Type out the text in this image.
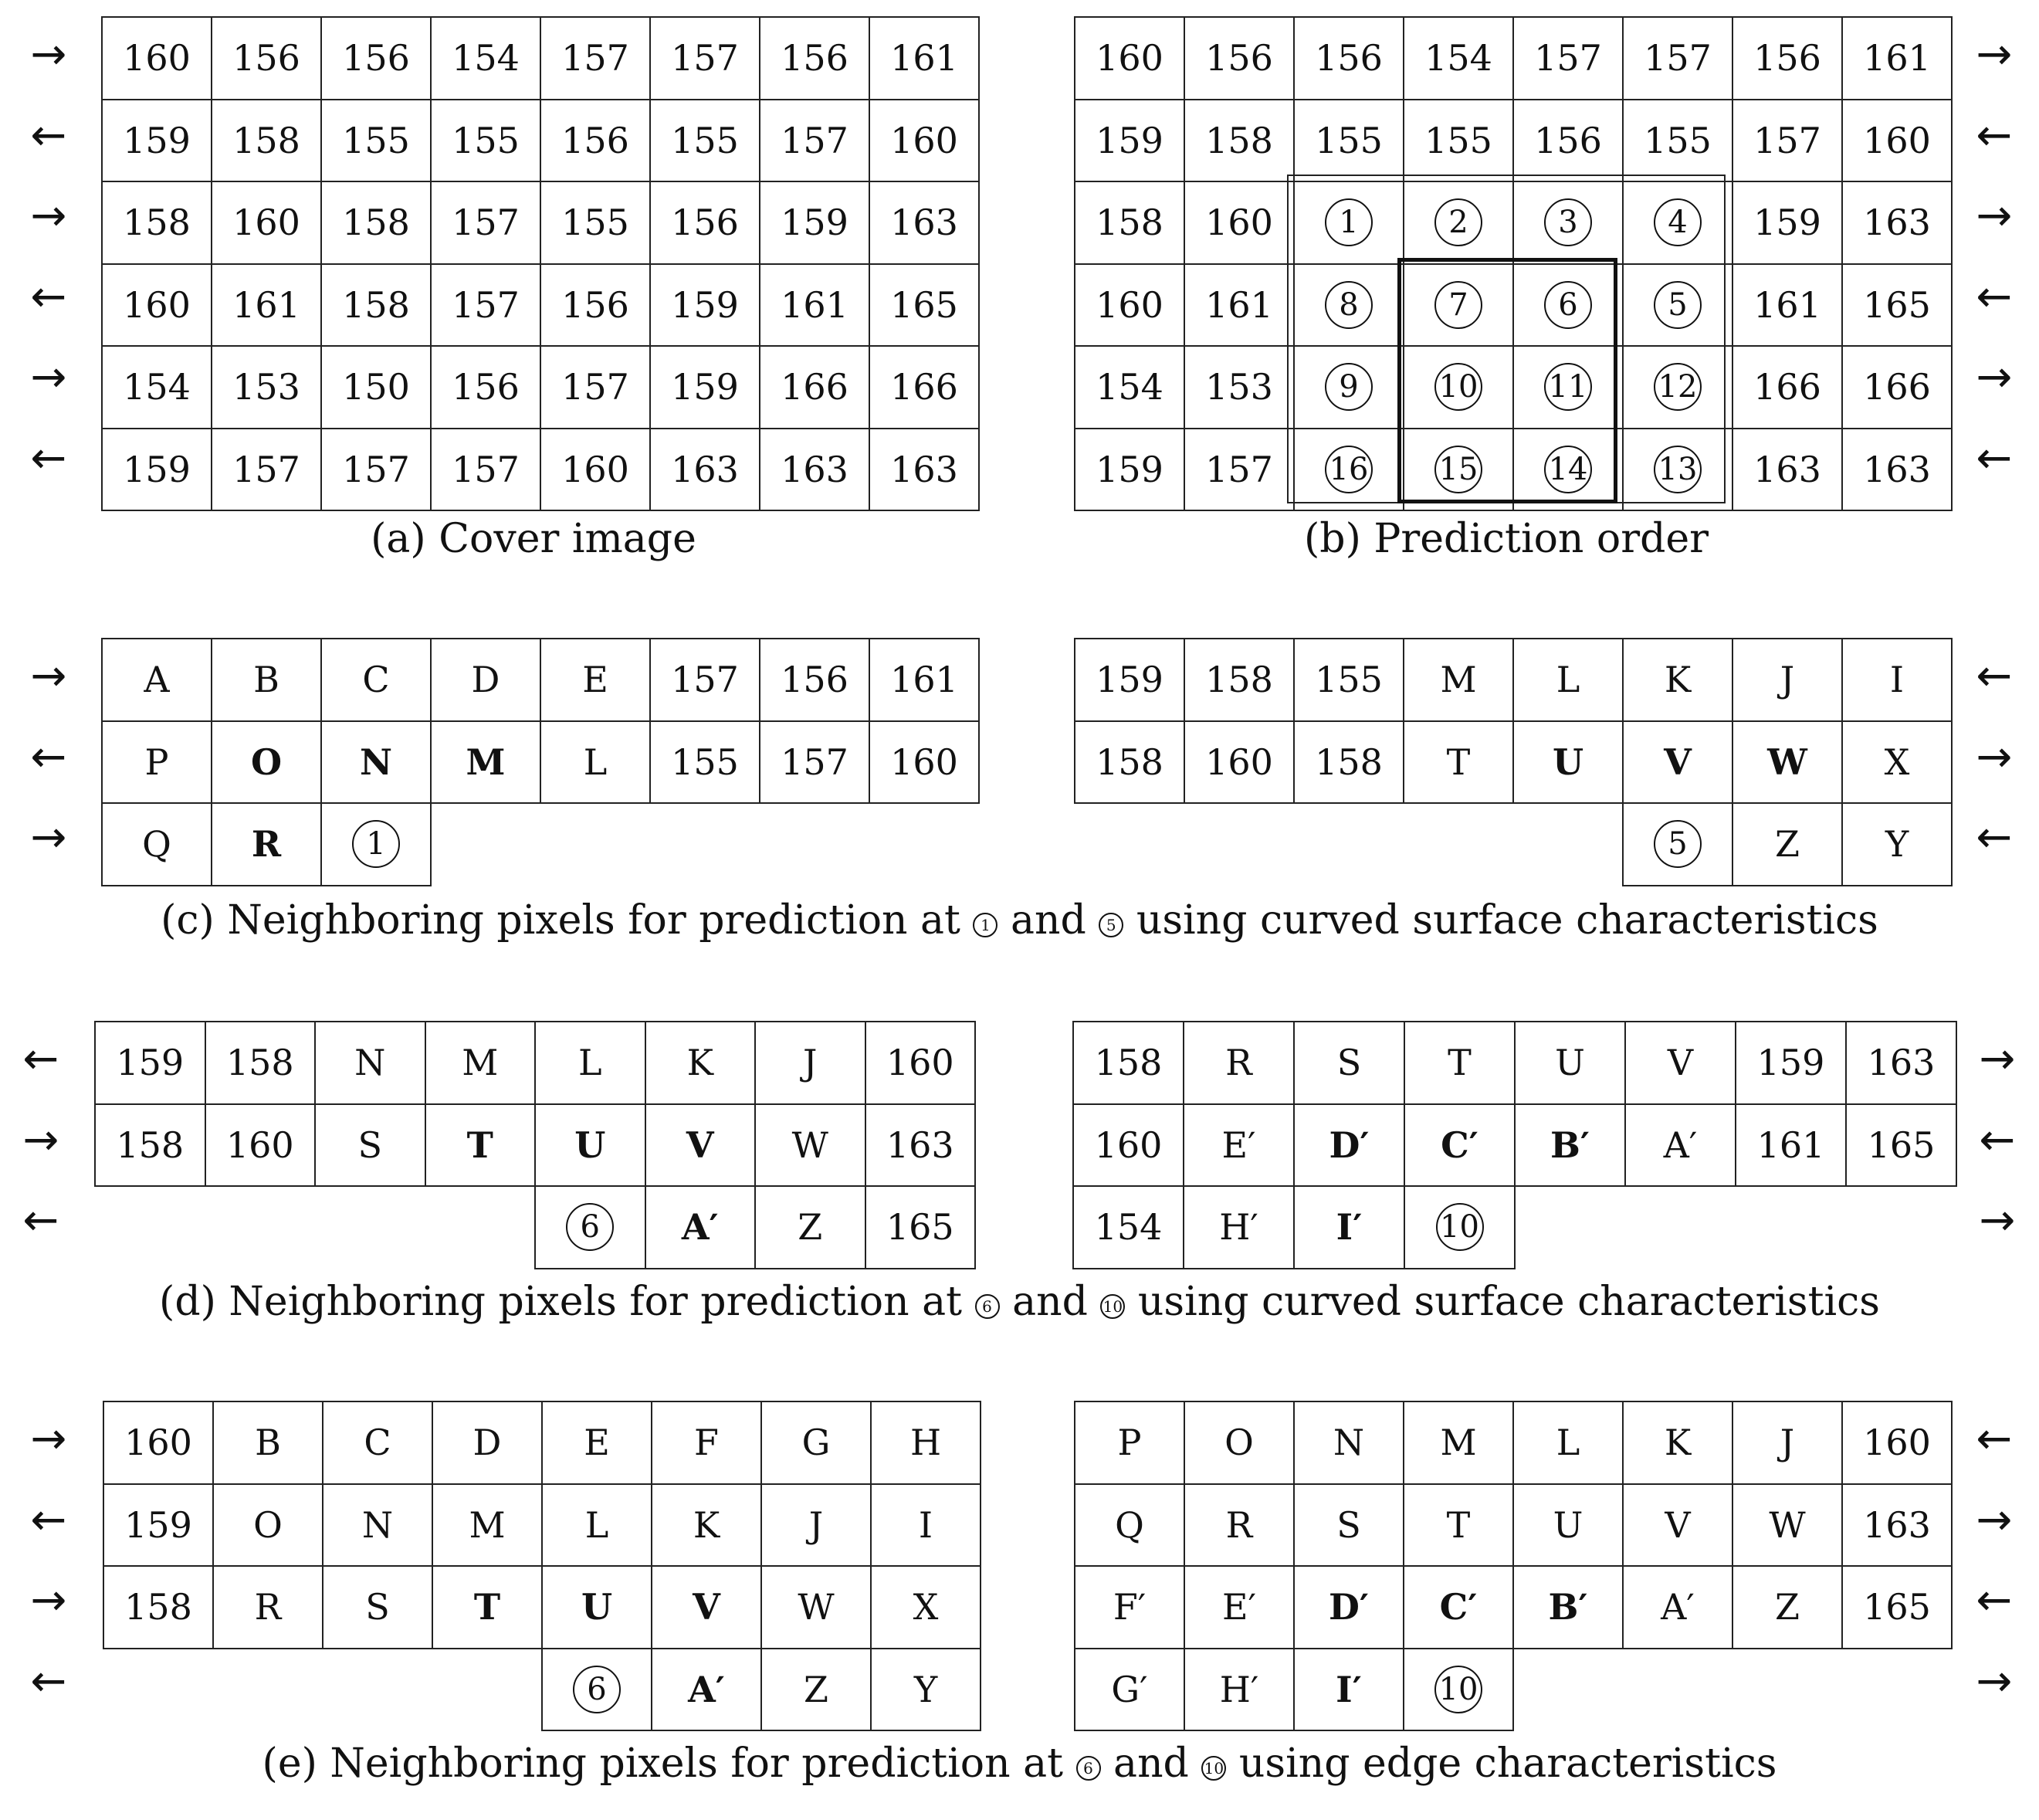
160	156	156	154	157	157	156	161
159	158	155	155	156	155	157	160
158	160	158	157	155	156	159	163
160	161	158	157	156	159	161	165
154	153	150	156	157	159	166	166
159	157	157	157	160	163	163	163
→
←
→
←
→
←
(a) Cover image
160	156	156	154	157	157	156	161
159	158	155	155	156	155	157	160
158	160	1	2	3	4	159	163
160	161	8	7	6	5	161	165
154	153	9	10	11	12	166	166
159	157	16	15	14	13	163	163
→
←
→
←
→
←
(b) Prediction order
A	B	C	D	E	157	156	161
P	O	N	M	L	155	157	160
Q	R	1					
→
←
→
(c) Neighboring pixels for prediction at 1 and 5 using curved surface characteristics
159	158	155	M	L	K	J	I
158	160	158	T	U	V	W	X
					5	Z	Y
←
→
←
159	158	N	M	L	K	J	160
158	160	S	T	U	V	W	163
				6	A′	Z	165
←
→
←
(d) Neighboring pixels for prediction at 6 and 10 using curved surface characteristics
158	R	S	T	U	V	159	163
160	E′	D′	C′	B′	A′	161	165
154	H′	I′	10				
→
←
→
160	B	C	D	E	F	G	H
159	O	N	M	L	K	J	I
158	R	S	T	U	V	W	X
				6	A′	Z	Y
→
←
→
←
(e) Neighboring pixels for prediction at 6 and 10 using edge characteristics
P	O	N	M	L	K	J	160
Q	R	S	T	U	V	W	163
F′	E′	D′	C′	B′	A′	Z	165
G′	H′	I′	10				
←
→
←
→
